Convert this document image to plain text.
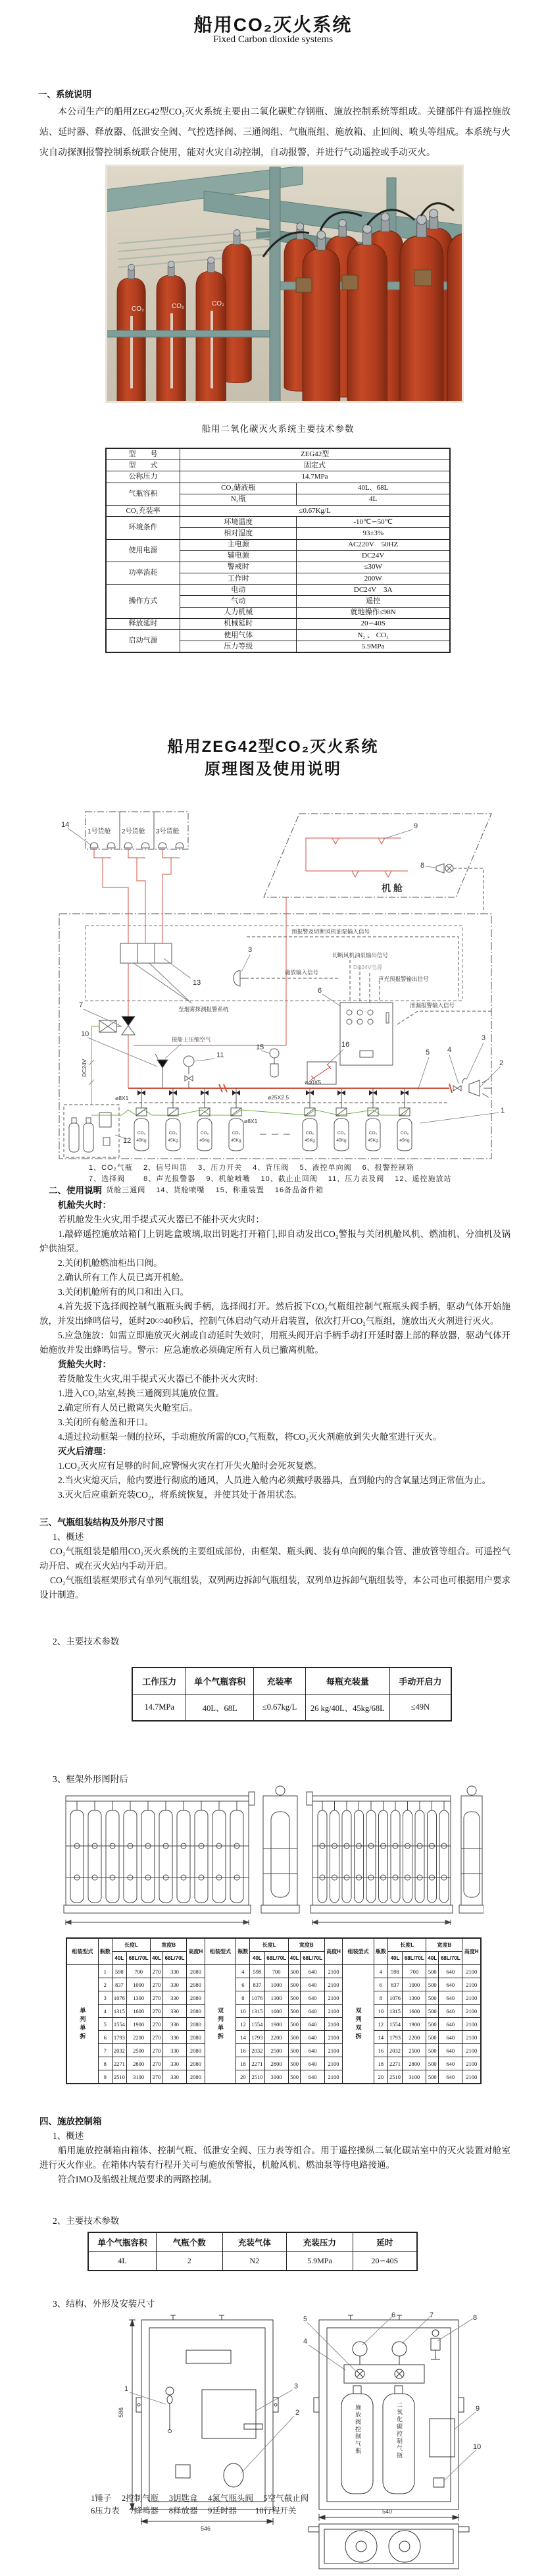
船用CO₂灭火系统
Fixed Carbon dioxide systems
一、系统说明

本公司生产的船用ZEG42型CO₂灭火系统主要由二氧化碳贮存钢瓶、施放控制系统等组成。关键部件有遥控施放站、延时器、释放器、低泄安全阀、气控选择阀、三通阀组、气瓶瓶组、施放箱、止回阀、喷头等组成。本系统与火灾自动探测报警控制系统联合使用，能对火灾自动控制，自动报警，并进行气动遥控或手动灭火。

CO₂	CO₂	CO₂
船用二氧化碳灭火系统主要技术参数
型　　号	ZEG42型	
型　　式	固定式	
公称压力	14.7MPa	
气瓶容积	CO₂储液瓶	40L、68L
	N₂瓶	4L
CO₂充装率	≤0.67Kg/L	
环境条件	环境温度	-10℃∽50℃
	相对湿度	93±3%
使用电源	主电源	AC220V　50HZ
	辅电源	DC24V
功率消耗	警戒时	≤30W
	工作时	200W
操作方式	电动	DC24V　3A
	气动	遥控
	人力机械	就地操作≤98N
释放延时	机械延时	20∽40S
启动气源	使用气体	N₂ 、 CO₂
	压力等级	5.9MPa
船用ZEG42型CO₂灭火系统
原理图及使用说明
CO₂
45Kg
CO₂
45Kg
CO₂
45Kg
CO₂
45Kg
CO₂
45Kg
CO₂
45Kg
CO₂
45Kg
CO₂
45Kg
1号货舱 2号货舱 3号货舱
机 舱
14	9
8
3
13
7
6
15	16
11
10
5 4
3
2
1
12
预报警及切断风机油泵输入信号
施放输入信号
切断风机油泵输出信号
DC24V电源
声光预报警输出信号
泄漏报警输入信号
至烟雾探测报警系统
接船上压缩空气
ø40X5
ø25X2.5
ø8X1
ø8X1
DC24V
1、CO₂气瓶　 2、信号叫笛　 3、压力开关　 4、背压阀　 5、液控单向阀　 6、报警控制箱
7、选择阀　　 8、声光报警器　 9、机舱喷嘴　 10、截止止回阀　 11、压力表及阀　 12、遥控施放站
13、货舱三通阀　 14、货舱喷嘴　 15、称重装置　 16备品备件箱

二、使用说明

机舱失火时：

若机舱发生火灾,用手提式灭火器已不能扑灭火灾时：

1.敲碎遥控施放站箱门上钥匙盒玻璃,取出钥匙打开箱门,即自动发出CO₂警报与关闭机舱风机、燃油机、分油机及锅炉供油泵。

2.关闭机舱燃油柜出口阀。

2.确认所有工作人员已离开机舱。

3.关闭机舱所有的风口和出入口。

4.首先扳下选择阀控制气瓶瓶头阀手柄，选择阀打开。然后扳下CO₂气瓶组控制气瓶瓶头阀手柄，驱动气体开始施放，并发出蜂鸣信号，延时20∽40秒后，控制气体启动气动开启装置，依次打开CO₂气瓶组，施放出灭火剂进行灭火。

5.应急施放：如需立即施放灭火剂或自动延时失效时，用瓶头阀开启手柄手动打开延时器上部的释放器，驱动气体开始施放并发出蜂鸣信号。警示：应急施放必须确定所有人员已撤离机舱。

货舱失火时：

若货舱发生火灾,用手提式灭火器已不能扑灭火灾时:

1.进入CO₂站室,转换三通阀到其施放位置。

2.确定所有人员已撤离失火舱室后。

3.关闭所有舱盖和开口。

4.通过拉动框架一侧的拉环，手动施放所需的CO₂气瓶数，将CO₂灭火剂施放到失火舱室进行灭火。

灭火后清理：

1.CO₂灭火应有足够的时间,应警惕火灾在打开失火舱时会死灰复燃。

2.当火灾熄灭后，舱内要进行彻底的通风，人员进入舱内必须戴呼吸器具，直到舱内的含氧量达到正常值为止。

3.灭火后应重新充装CO₂，将系统恢复，并使其处于备用状态。

三、气瓶组装结构及外形尺寸图

1、概述

CO₂气瓶组装是船用CO₂灭火系统的主要组成部份，由框架、瓶头阀、装有单向阀的集合管、泄放管等组合。可遥控气动开启、或在灭火站内手动开启。

CO₂气瓶组装框架形式有单列气瓶组装，双列两边拆卸气瓶组装，双列单边拆卸气瓶组装等，本公司也可根据用户要求设计制造。

2、主要技术参数
工作压力	单个气瓶容积	充装率	每瓶充装量	手动开启力
14.7MPa	40L、68L	≤0.67kg/L	26 kg/40L、45kg/68L	≤49N
3、框架外形图附后
组装型式	瓶数	长度L		宽度B		高度H	组装型式	瓶数	长度L		宽度B		高度H	组装型式	瓶数	长度L		宽度B		高度H
		40L	68L/70L	40L	68L/70L				40L	68L/70L	40L	68L/70L				40L	68L/70L	40L	68L/70L	
单列单拆	1	598	700	270	330	2080	双列单拆	4	598	700	500	640	2100	双列双拆	4	598	700	500	640	2100
	2	837	1000	270	330	2080		6	837	1000	500	640	2100		6	837	1000	500	640	2100
	3	1076	1300	270	330	2080		8	1076	1300	500	640	2100		8	1076	1300	500	640	2100
	4	1315	1600	270	330	2080		10	1315	1600	500	640	2100		10	1315	1600	500	640	2100
	5	1554	1900	270	330	2080		12	1554	1900	500	640	2100		12	1554	1900	500	640	2100
	6	1793	2200	270	330	2080		14	1793	2200	500	640	2100		14	1793	2200	500	640	2100
	7	2032	2500	270	330	2080		16	2032	2500	500	640	2100		16	2032	2500	500	640	2100
	8	2271	2800	270	330	2080		18	2271	2800	500	640	2100		18	2271	2800	500	640	2100
	9	2510	3100	270	330	2080		20	2510	3100	500	640	2100		20	2510	3100	500	640	2100

四、施放控制箱

1、概述

船用施放控制箱由箱体、控制气瓶、低泄安全阀、压力表等组合。用于遥控操纵二氧化碳站室中的灭火装置对舱室进行灭火作业。在箱体内装有行程开关可与施放预警报，机舱风机、燃油泵等待电路接通。

符合IMO及船级社规范要求的两路控制。

2、主要技术参数
单个气瓶容积	气瓶个数	充装气体	充装压力	延时
4L	2	N2	5.9MPa	20∽40S
3、结构、外形及安装尺寸
1	3
2
4
5	6	7	8
9
10
546
586
540
施放阀控制气瓶	二氧化碳控制气瓶
1锤子　 2控制气瓶　 3钥匙盒　 4氮气瓶头阀　 5空气截止阀
6压力表　 7蜂鸣器　 8释放器　 9延时器　 　10行程开关
